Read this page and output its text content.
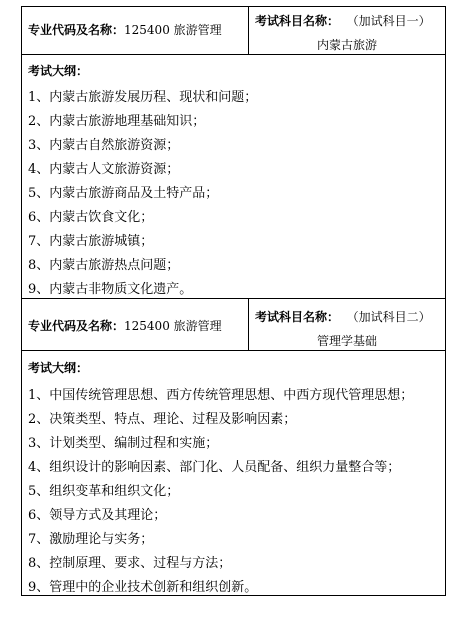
专业代码及名称：125400 旅游管理
考试科目名称： （加试科目一）
内蒙古旅游
考试大纲：
1、内蒙古旅游发展历程、现状和问题；
2、内蒙古旅游地理基础知识；
3、内蒙古自然旅游资源；
4、内蒙古人文旅游资源；
5、内蒙古旅游商品及土特产品；
6、内蒙古饮食文化；
7、内蒙古旅游城镇；
8、内蒙古旅游热点问题；
9、内蒙古非物质文化遗产。
专业代码及名称：125400 旅游管理
考试科目名称： （加试科目二）
管理学基础
考试大纲：
1、中国传统管理思想、西方传统管理思想、中西方现代管理思想；
2、决策类型、特点、理论、过程及影响因素；
3、计划类型、编制过程和实施；
4、组织设计的影响因素、部门化、人员配备、组织力量整合等；
5、组织变革和组织文化；
6、领导方式及其理论；
7、激励理论与实务；
8、控制原理、要求、过程与方法；
9、管理中的企业技术创新和组织创新。
